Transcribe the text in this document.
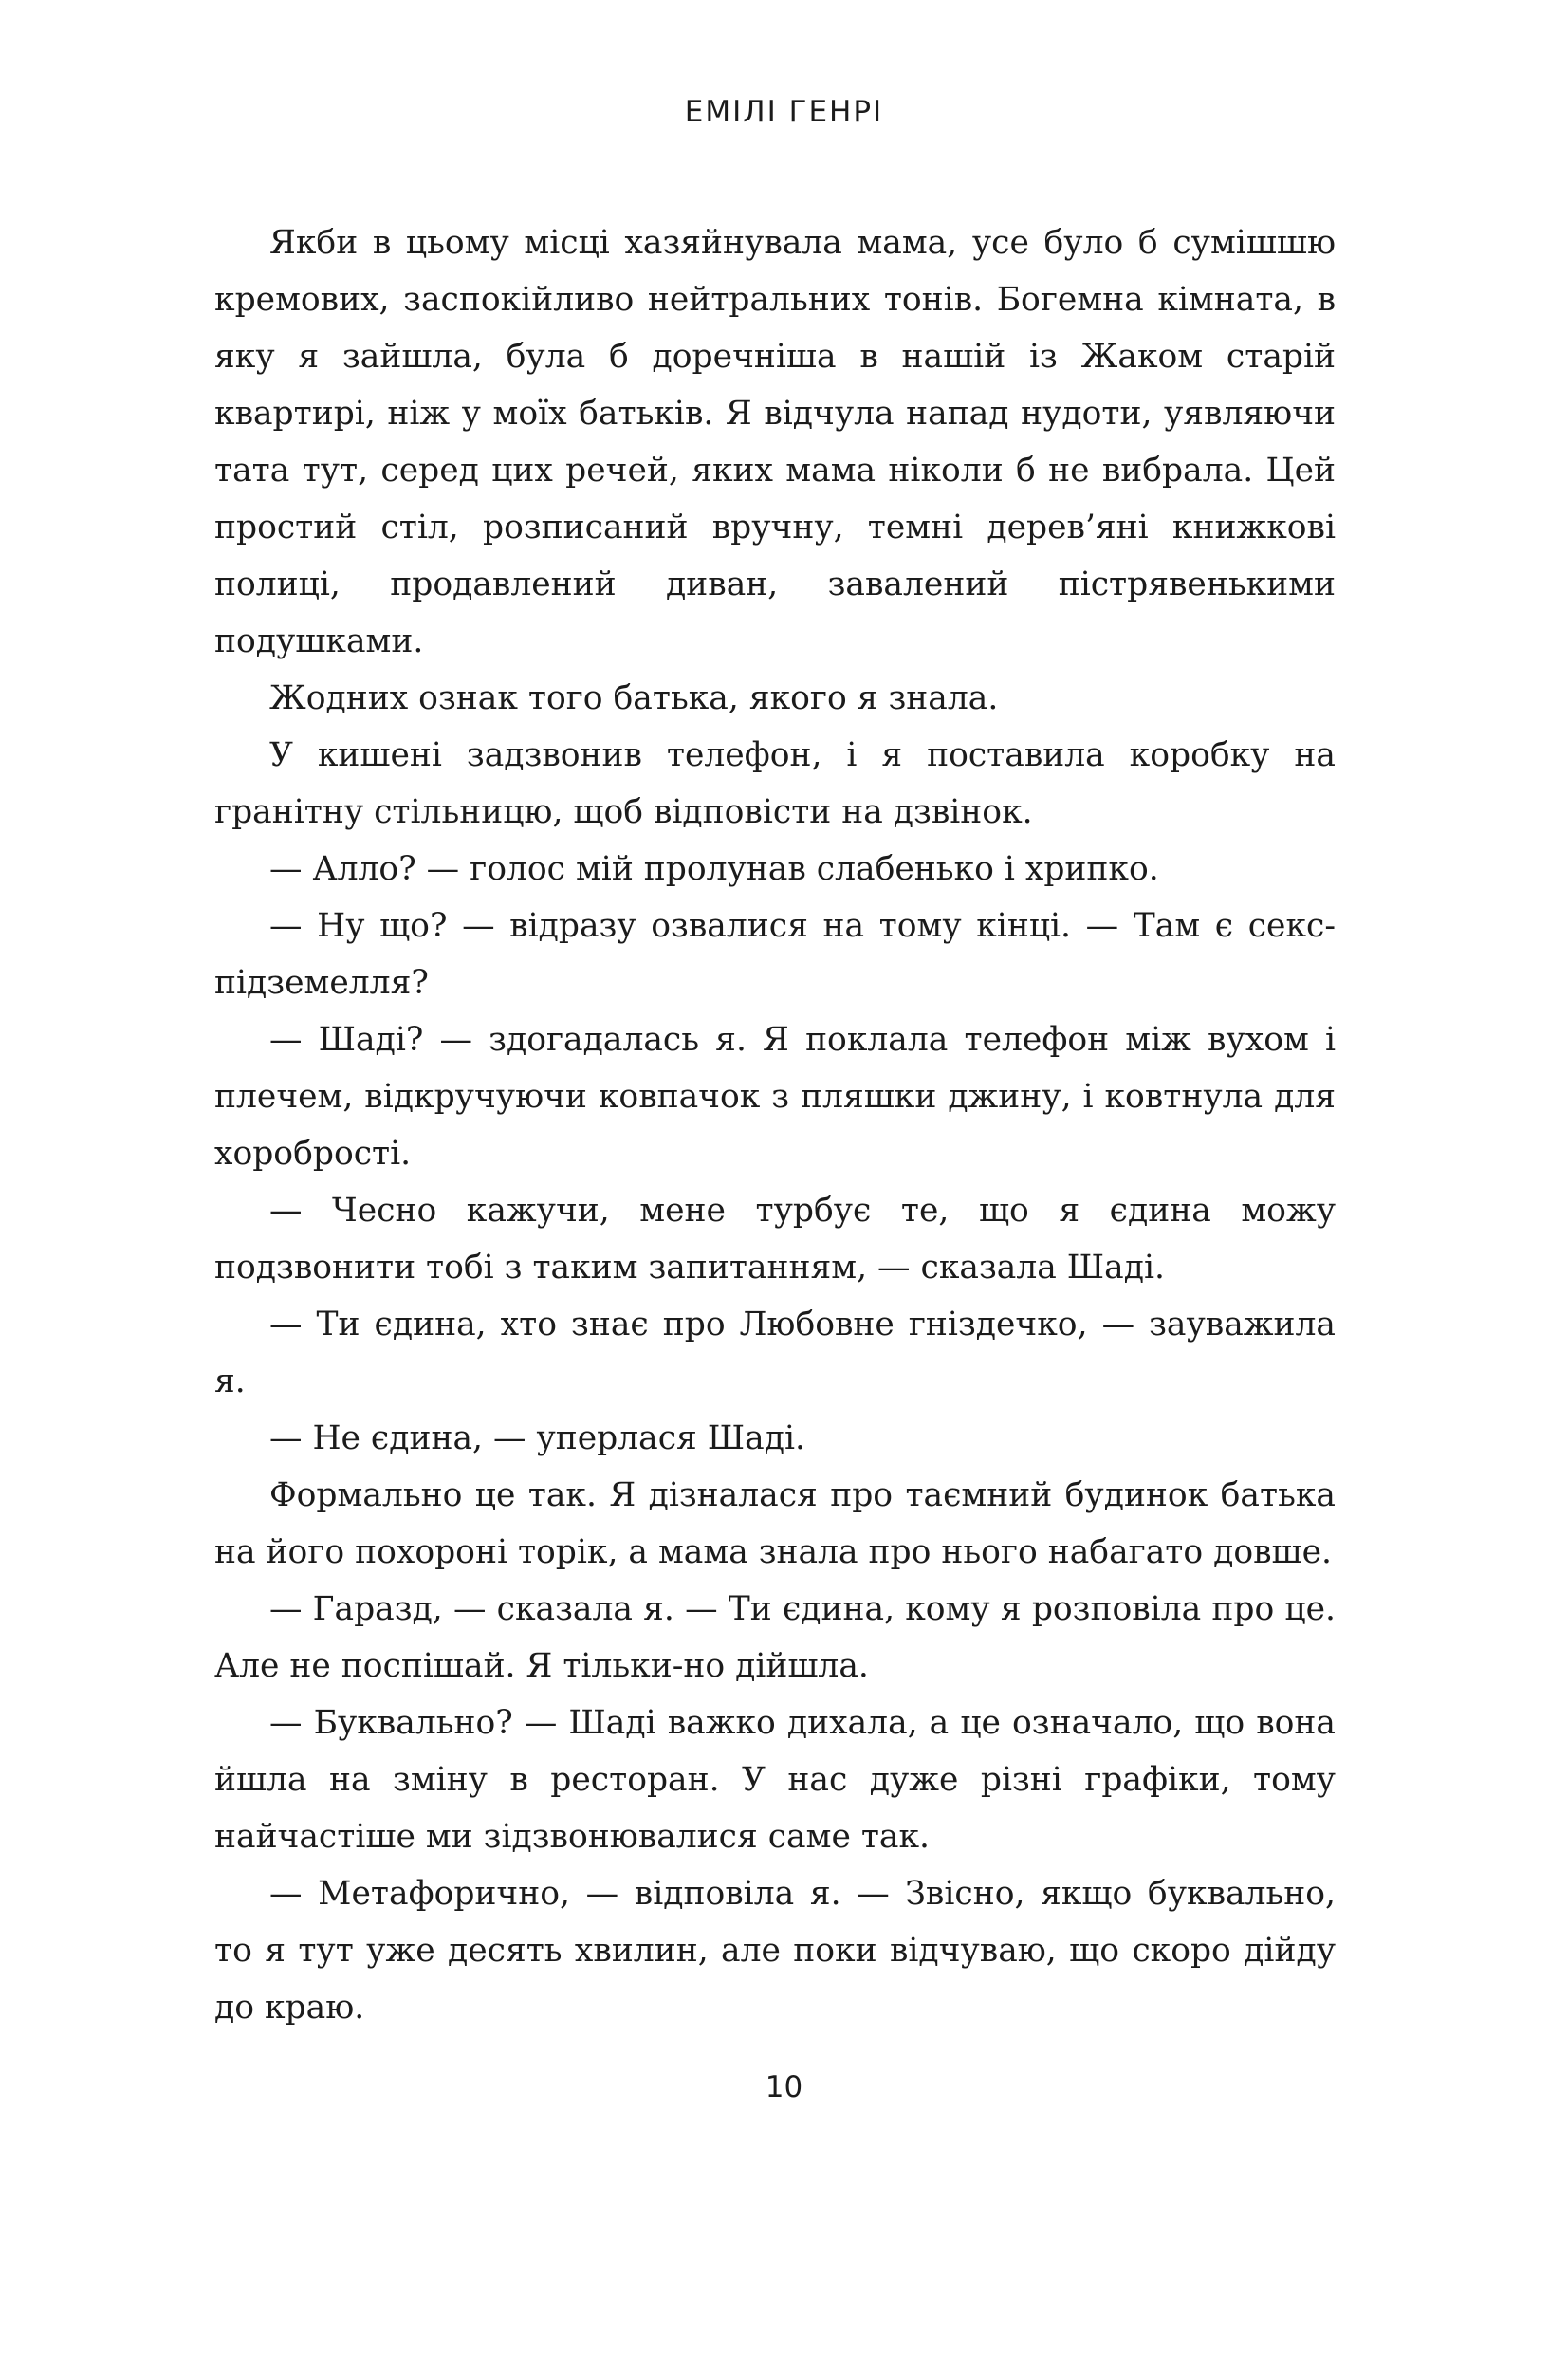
ЕМІЛІ ГЕНРІ

Якби в цьому місці хазяйнувала мама, усе було б сумішшю кремових, заспокійливо нейтральних тонів. Богемна кімната, в яку я зайшла, була б доречніша в нашій із Жаком старій квартирі, ніж у моїх батьків. Я відчула напад нудоти, уявляючи тата тут, серед цих речей, яких мама ніколи б не вибрала. Цей простий стіл, розписаний вручну, темні дерев’яні книжкові полиці, продавлений диван, завалений пістрявенькими подушками.

Жодних ознак того батька, якого я знала.

У кишені задзвонив телефон, і я поставила коробку на гранітну стільницю, щоб відповісти на дзвінок.

— Алло? — голос мій пролунав слабенько і хрипко.

— Ну що? — відразу озвалися на тому кінці. — Там є секс-підземелля?

— Шаді? — здогадалась я. Я поклала телефон між вухом і плечем, відкручуючи ковпачок з пляшки джину, і ковтнула для хоробрості.

— Чесно кажучи, мене турбує те, що я єдина можу подзвонити тобі з таким запитанням, — сказала Шаді.

— Ти єдина, хто знає про Любовне гніздечко, — зауважила я.

— Не єдина, — уперлася Шаді.

Формально це так. Я дізналася про таємний будинок батька на його похороні торік, а мама знала про нього набагато довше.

— Гаразд, — сказала я. — Ти єдина, кому я розповіла про це. Але не поспішай. Я тільки-но дійшла.

— Буквально? — Шаді важко дихала, а це означало, що вона йшла на зміну в ресторан. У нас дуже різні графіки, тому найчастіше ми зідзвонювалися саме так.

— Метафорично, — відповіла я. — Звісно, якщо буквально, то я тут уже десять хвилин, але поки відчуваю, що скоро дійду до краю.

10
